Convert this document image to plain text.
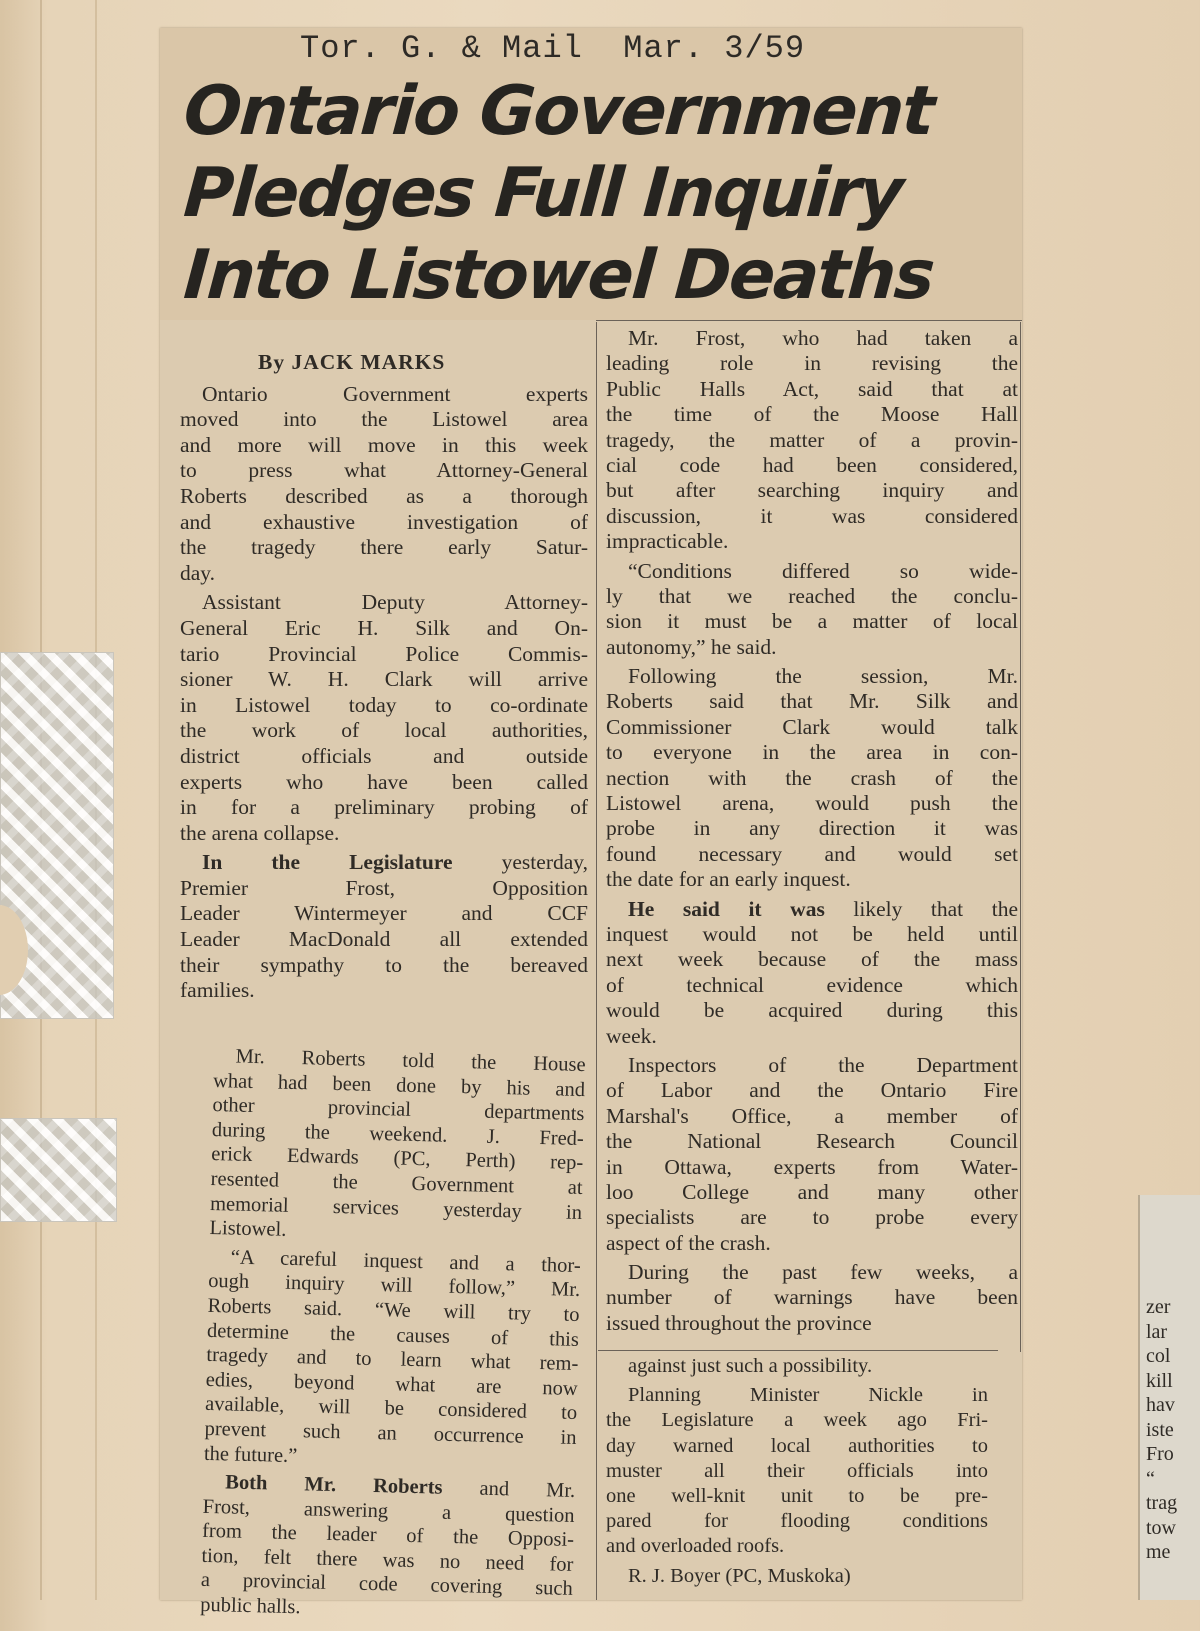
Tor. G. & Mail  Mar. 3/59
Ontario Government
Pledges Full Inquiry
Into Listowel Deaths
By JACK MARKS
Ontario Government experts
moved into the Listowel area
and more will move in this week
to press what Attorney-General
Roberts described as a thorough
and exhaustive investigation of
the tragedy there early Satur-
day.
Assistant Deputy Attorney-
General Eric H. Silk and On-
tario Provincial Police Commis-
sioner W. H. Clark will arrive
in Listowel today to co-ordinate
the work of local authorities,
district officials and outside
experts who have been called
in for a preliminary probing of
the arena collapse.
In the Legislature yesterday,
Premier Frost, Opposition
Leader Wintermeyer and CCF
Leader MacDonald all extended
their sympathy to the bereaved
families.
Mr. Roberts told the House
what had been done by his and
other provincial departments
during the weekend. J. Fred-
erick Edwards (PC, Perth) rep-
resented the Government at
memorial services yesterday in
Listowel.
“A careful inquest and a thor-
ough inquiry will follow,” Mr.
Roberts said. “We will try to
determine the causes of this
tragedy and to learn what rem-
edies, beyond what are now
available, will be considered to
prevent such an occurrence in
the future.”
Both Mr. Roberts and Mr.
Frost, answering a question
from the leader of the Opposi-
tion, felt there was no need for
a provincial code covering such
public halls.
Mr. Frost, who had taken a
leading role in revising the
Public Halls Act, said that at
the time of the Moose Hall
tragedy, the matter of a provin-
cial code had been considered,
but after searching inquiry and
discussion, it was considered
impracticable.
“Conditions differed so wide-
ly that we reached the conclu-
sion it must be a matter of local
autonomy,” he said.
Following the session, Mr.
Roberts said that Mr. Silk and
Commissioner Clark would talk
to everyone in the area in con-
nection with the crash of the
Listowel arena, would push the
probe in any direction it was
found necessary and would set
the date for an early inquest.
He said it was likely that the
inquest would not be held until
next week because of the mass
of technical evidence which
would be acquired during this
week.
Inspectors of the Department
of Labor and the Ontario Fire
Marshal's Office, a member of
the National Research Council
in Ottawa, experts from Water-
loo College and many other
specialists are to probe every
aspect of the crash.
During the past few weeks, a
number of warnings have been
issued throughout the province
against just such a possibility.
Planning Minister Nickle in
the Legislature a week ago Fri-
day warned local authorities to
muster all their officials into
one well-knit unit to be pre-
pared for flooding conditions
and overloaded roofs.
R. J. Boyer (PC, Muskoka)
zer
lar
col
kill
hav
iste
Fro
“
trag
tow
me
